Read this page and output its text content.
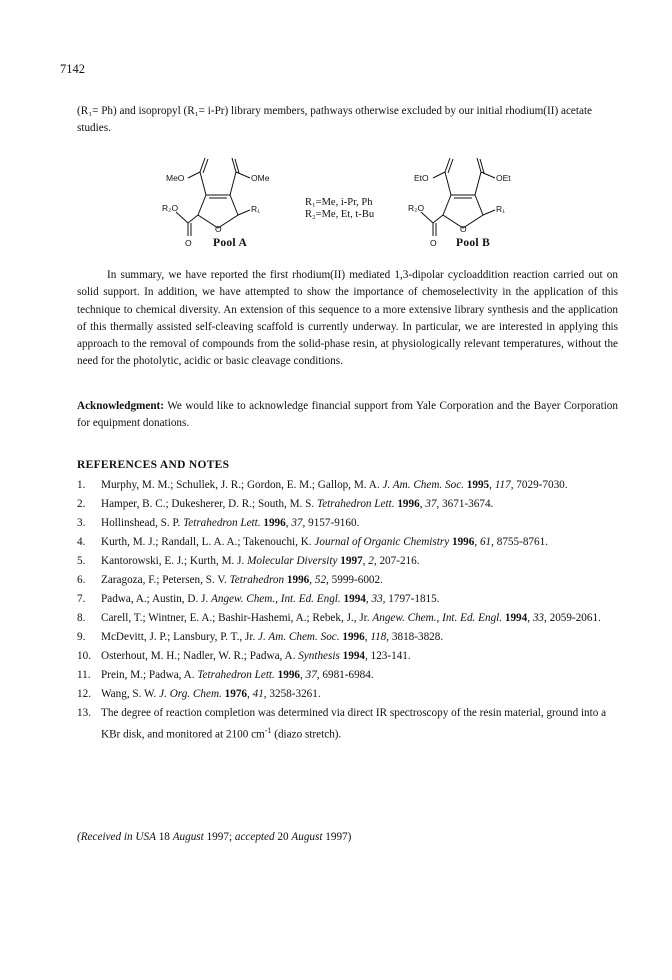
7142

(R₁= Ph) and isopropyl (R₁= i-Pr) library members, pathways otherwise excluded by our initial rhodium(II) acetate studies.

MeO	OMe
R₂O	R₁
O
O
EtO	OEt
R₂O	R₁
O
O
R₁=Me, i-Pr, Ph
R₂=Me, Et, t-Bu
Pool A	Pool B

In summary, we have reported the first rhodium(II) mediated 1,3-dipolar cycloaddition reaction carried out on solid support. In addition, we have attempted to show the importance of chemoselectivity in the application of this technique to chemical diversity. An extension of this sequence to a more extensive library synthesis and the application of this thermally assisted self-cleaving scaffold is currently underway. In particular, we are interested in applying this approach to the removal of compounds from the solid-phase resin, at physiologically relevant temperatures, without the need for the photolytic, acidic or basic cleavage conditions.

Acknowledgment: We would like to acknowledge financial support from Yale Corporation and the Bayer Corporation for equipment donations.

REFERENCES AND NOTES
1.	Murphy, M. M.; Schullek, J. R.; Gordon, E. M.; Gallop, M. A. J. Am. Chem. Soc. 1995, 117, 7029-7030.
2.	Hamper, B. C.; Dukesherer, D. R.; South, M. S. Tetrahedron Lett. 1996, 37, 3671-3674.
3.	Hollinshead, S. P. Tetrahedron Lett. 1996, 37, 9157-9160.
4.	Kurth, M. J.; Randall, L. A. A.; Takenouchi, K. Journal of Organic Chemistry 1996, 61, 8755-8761.
5.	Kantorowski, E. J.; Kurth, M. J. Molecular Diversity 1997, 2, 207-216.
6.	Zaragoza, F.; Petersen, S. V. Tetrahedron 1996, 52, 5999-6002.
7.	Padwa, A.; Austin, D. J. Angew. Chem., Int. Ed. Engl. 1994, 33, 1797-1815.
8.	Carell, T.; Wintner, E. A.; Bashir-Hashemi, A.; Rebek, J., Jr. Angew. Chem., Int. Ed. Engl. 1994, 33, 2059-2061.
9.	McDevitt, J. P.; Lansbury, P. T., Jr. J. Am. Chem. Soc. 1996, 118, 3818-3828.
10. Osterhout, M. H.; Nadler, W. R.; Padwa, A. Synthesis 1994, 123-141.
11. Prein, M.; Padwa, A. Tetrahedron Lett. 1996, 37, 6981-6984.
12. Wang, S. W. J. Org. Chem. 1976, 41, 3258-3261.
13. The degree of reaction completion was determined via direct IR spectroscopy of the resin material, ground into a KBr disk, and monitored at 2100 $cm^{-1}$ (diazo stretch).
(Received in USA 18 August 1997; accepted 20 August 1997)
